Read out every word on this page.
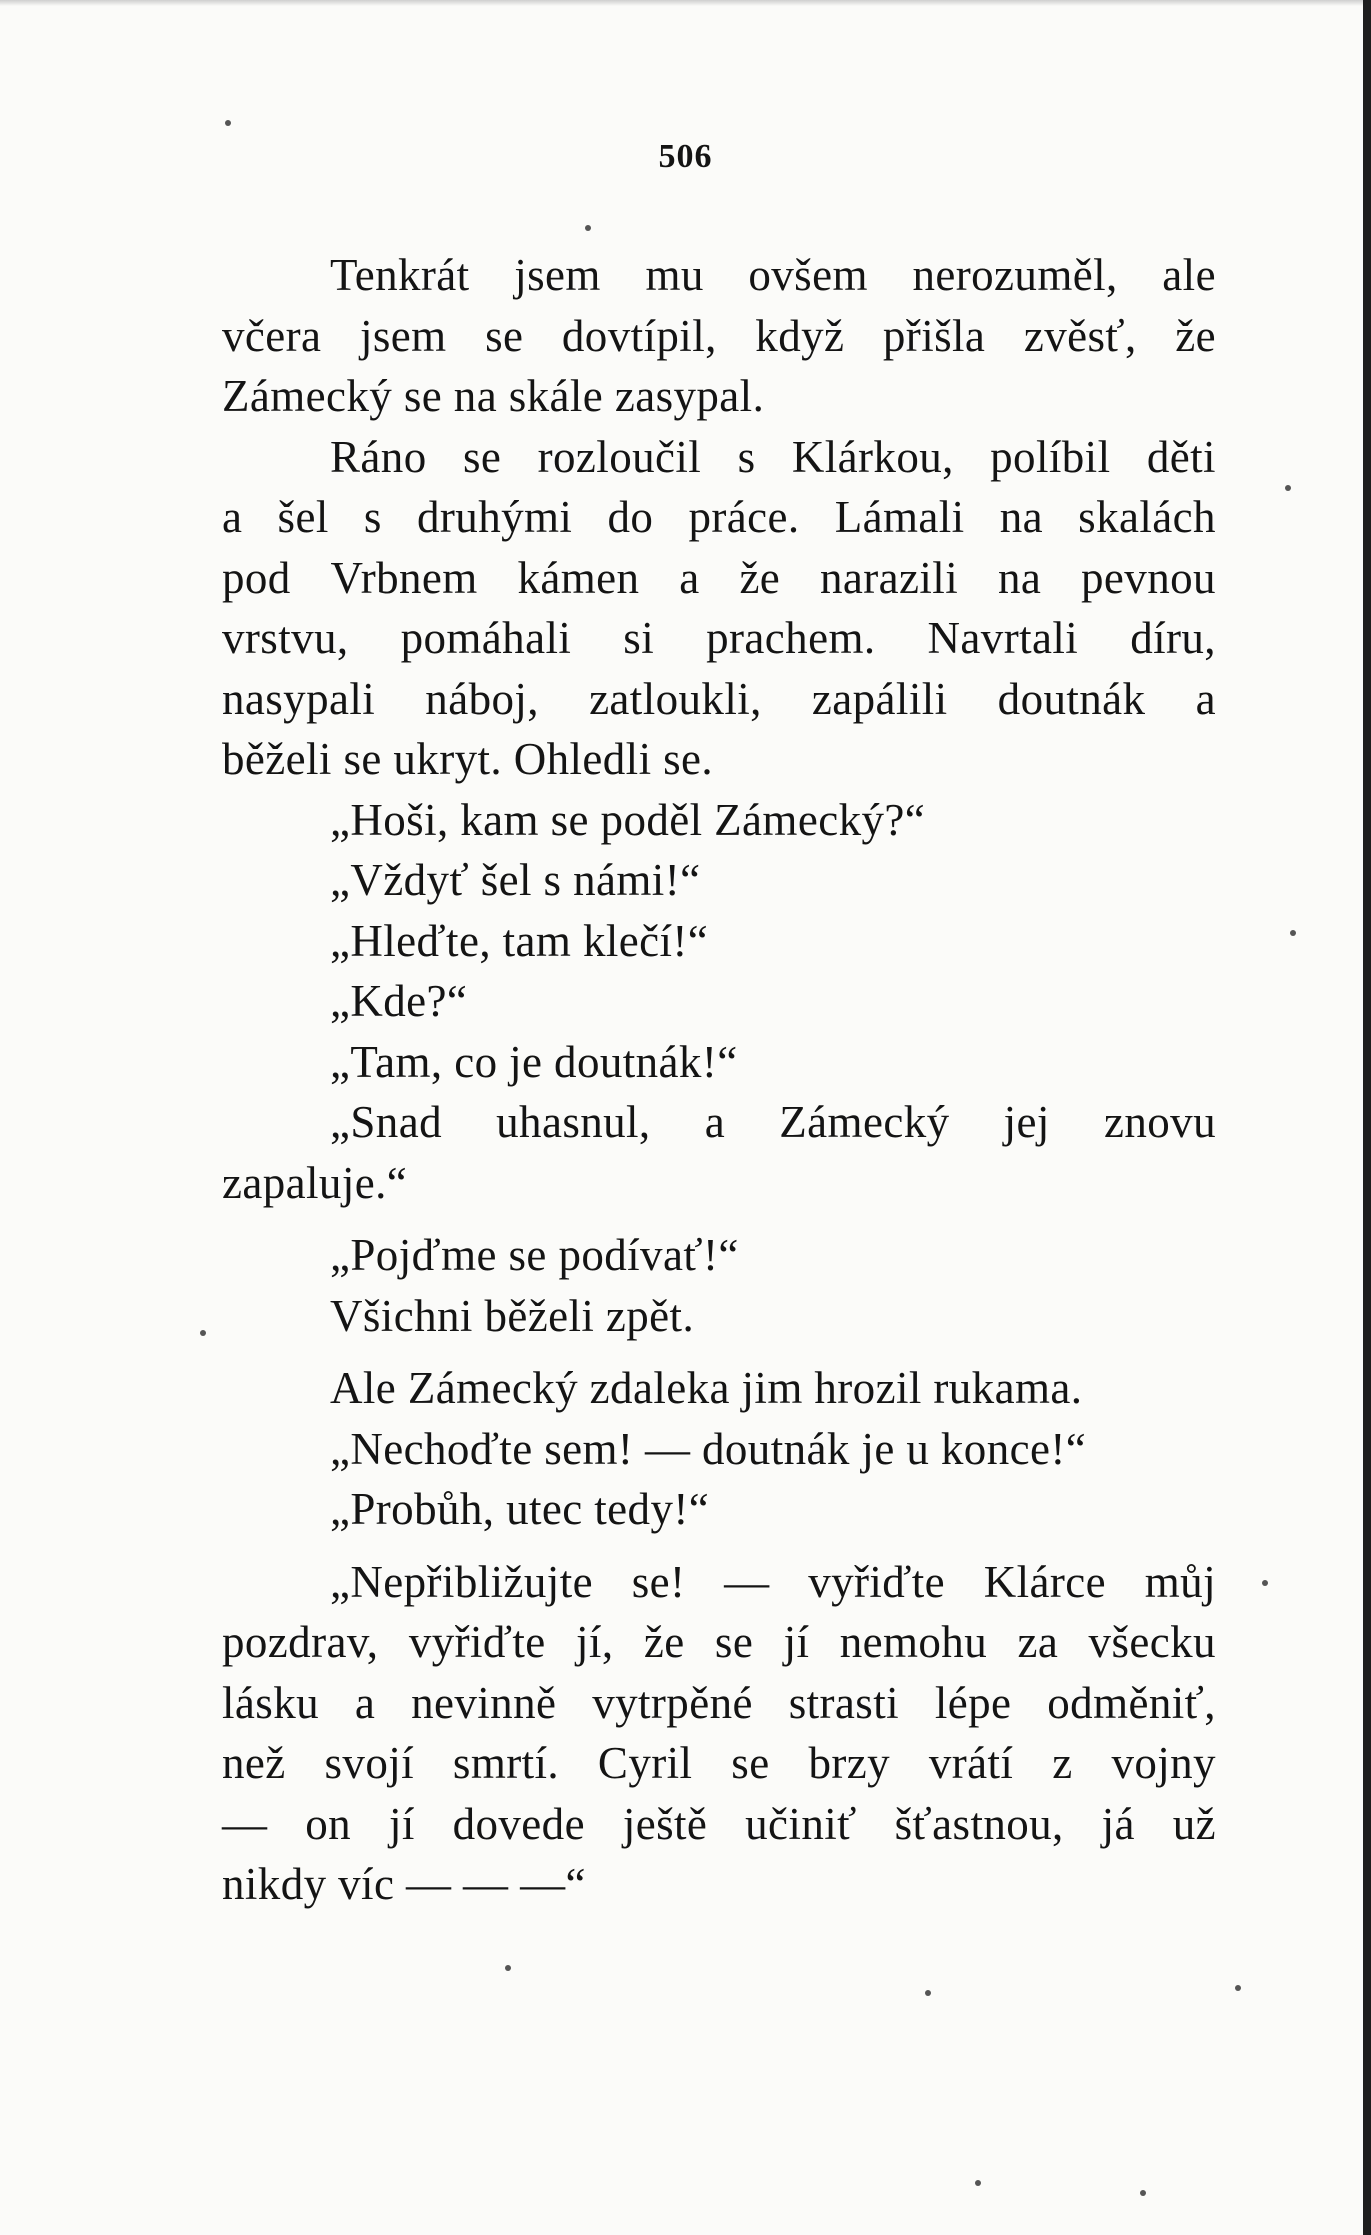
506
Tenkrát jsem mu ovšem nerozuměl, ale
včera jsem se dovtípil, když přišla zvěsť, že
Zámecký se na skále zasypal.
Ráno se rozloučil s Klárkou, políbil děti
a šel s druhými do práce. Lámali na skalách
pod Vrbnem kámen a že narazili na pevnou
vrstvu, pomáhali si prachem. Navrtali díru,
nasypali náboj, zatloukli, zapálili doutnák a
běželi se ukryt. Ohledli se.
„Hoši, kam se poděl Zámecký?“
„Vždyť šel s námi!“
„Hleďte, tam klečí!“
„Kde?“
„Tam, co je doutnák!“
„Snad uhasnul, a Zámecký jej znovu
zapaluje.“
„Pojďme se podívať!“
Všichni běželi zpět.
Ale Zámecký zdaleka jim hrozil rukama.
„Nechoďte sem! — doutnák je u konce!“
„Probůh, utec tedy!“
„Nepřibližujte se! — vyřiďte Klárce můj
pozdrav, vyřiďte jí, že se jí nemohu za všecku
lásku a nevinně vytrpěné strasti lépe odměniť,
než svojí smrtí. Cyril se brzy vrátí z vojny
— on jí dovede ještě učiniť šťastnou, já už
nikdy víc — — —“
